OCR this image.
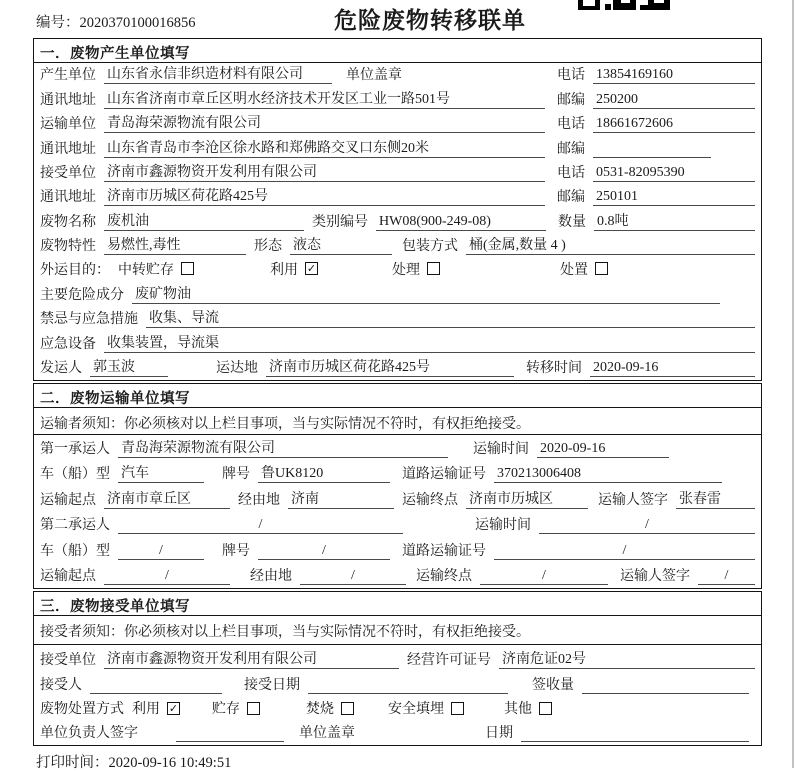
编号：2020370100016856	危险废物转移联单
一．废物产生单位填写
产生单位 山东省永信非织造材料有限公司	单位盖章	电话 13854169160
通讯地址 山东省济南市章丘区明水经济技术开发区工业一路501号	邮编 250200
运输单位 青岛海荣源物流有限公司	电话 18661672606
通讯地址 山东省青岛市李沧区徐水路和郑佛路交叉口东侧20米	邮编
接受单位 济南市鑫源物资开发利用有限公司	电话 0531-82095390
通讯地址 济南市历城区荷花路425号	邮编 250101
废物名称 废机油	类别编号 HW08(900-249-08)	数量 0.8吨
废物特性 易燃性,毒性	形态 液态	包装方式 桶(金属,数量 4 )
外运目的： 中转贮存	利用 ✓	处理	处置
主要危险成分 废矿物油
禁忌与应急措施 收集、导流
应急设备 收集装置，导流渠
发运人 郭玉波	运达地 济南市历城区荷花路425号	转移时间 2020-09-16
二．废物运输单位填写
运输者须知：你必须核对以上栏目事项，当与实际情况不符时，有权拒绝接受。
第一承运人 青岛海荣源物流有限公司	运输时间 2020-09-16
车（船）型 汽车	牌号 鲁UK8120	道路运输证号 370213006408
运输起点 济南市章丘区	经由地 济南	运输终点 济南市历城区	运输人签字 张春雷
第二承运人	/	运输时间	/
车（船）型	/	牌号	/	道路运输证号	/
运输起点	/	经由地	/	运输终点	/	运输人签字	/
三．废物接受单位填写
接受者须知：你必须核对以上栏目事项，当与实际情况不符时，有权拒绝接受。
接受单位 济南市鑫源物资开发利用有限公司	经营许可证号 济南危证02号
接受人	接受日期	签收量
废物处置方式 利用 ✓ 贮存	焚烧	安全填埋	其他
单位负责人签字	单位盖章	日期
打印时间：2020-09-16 10:49:51
